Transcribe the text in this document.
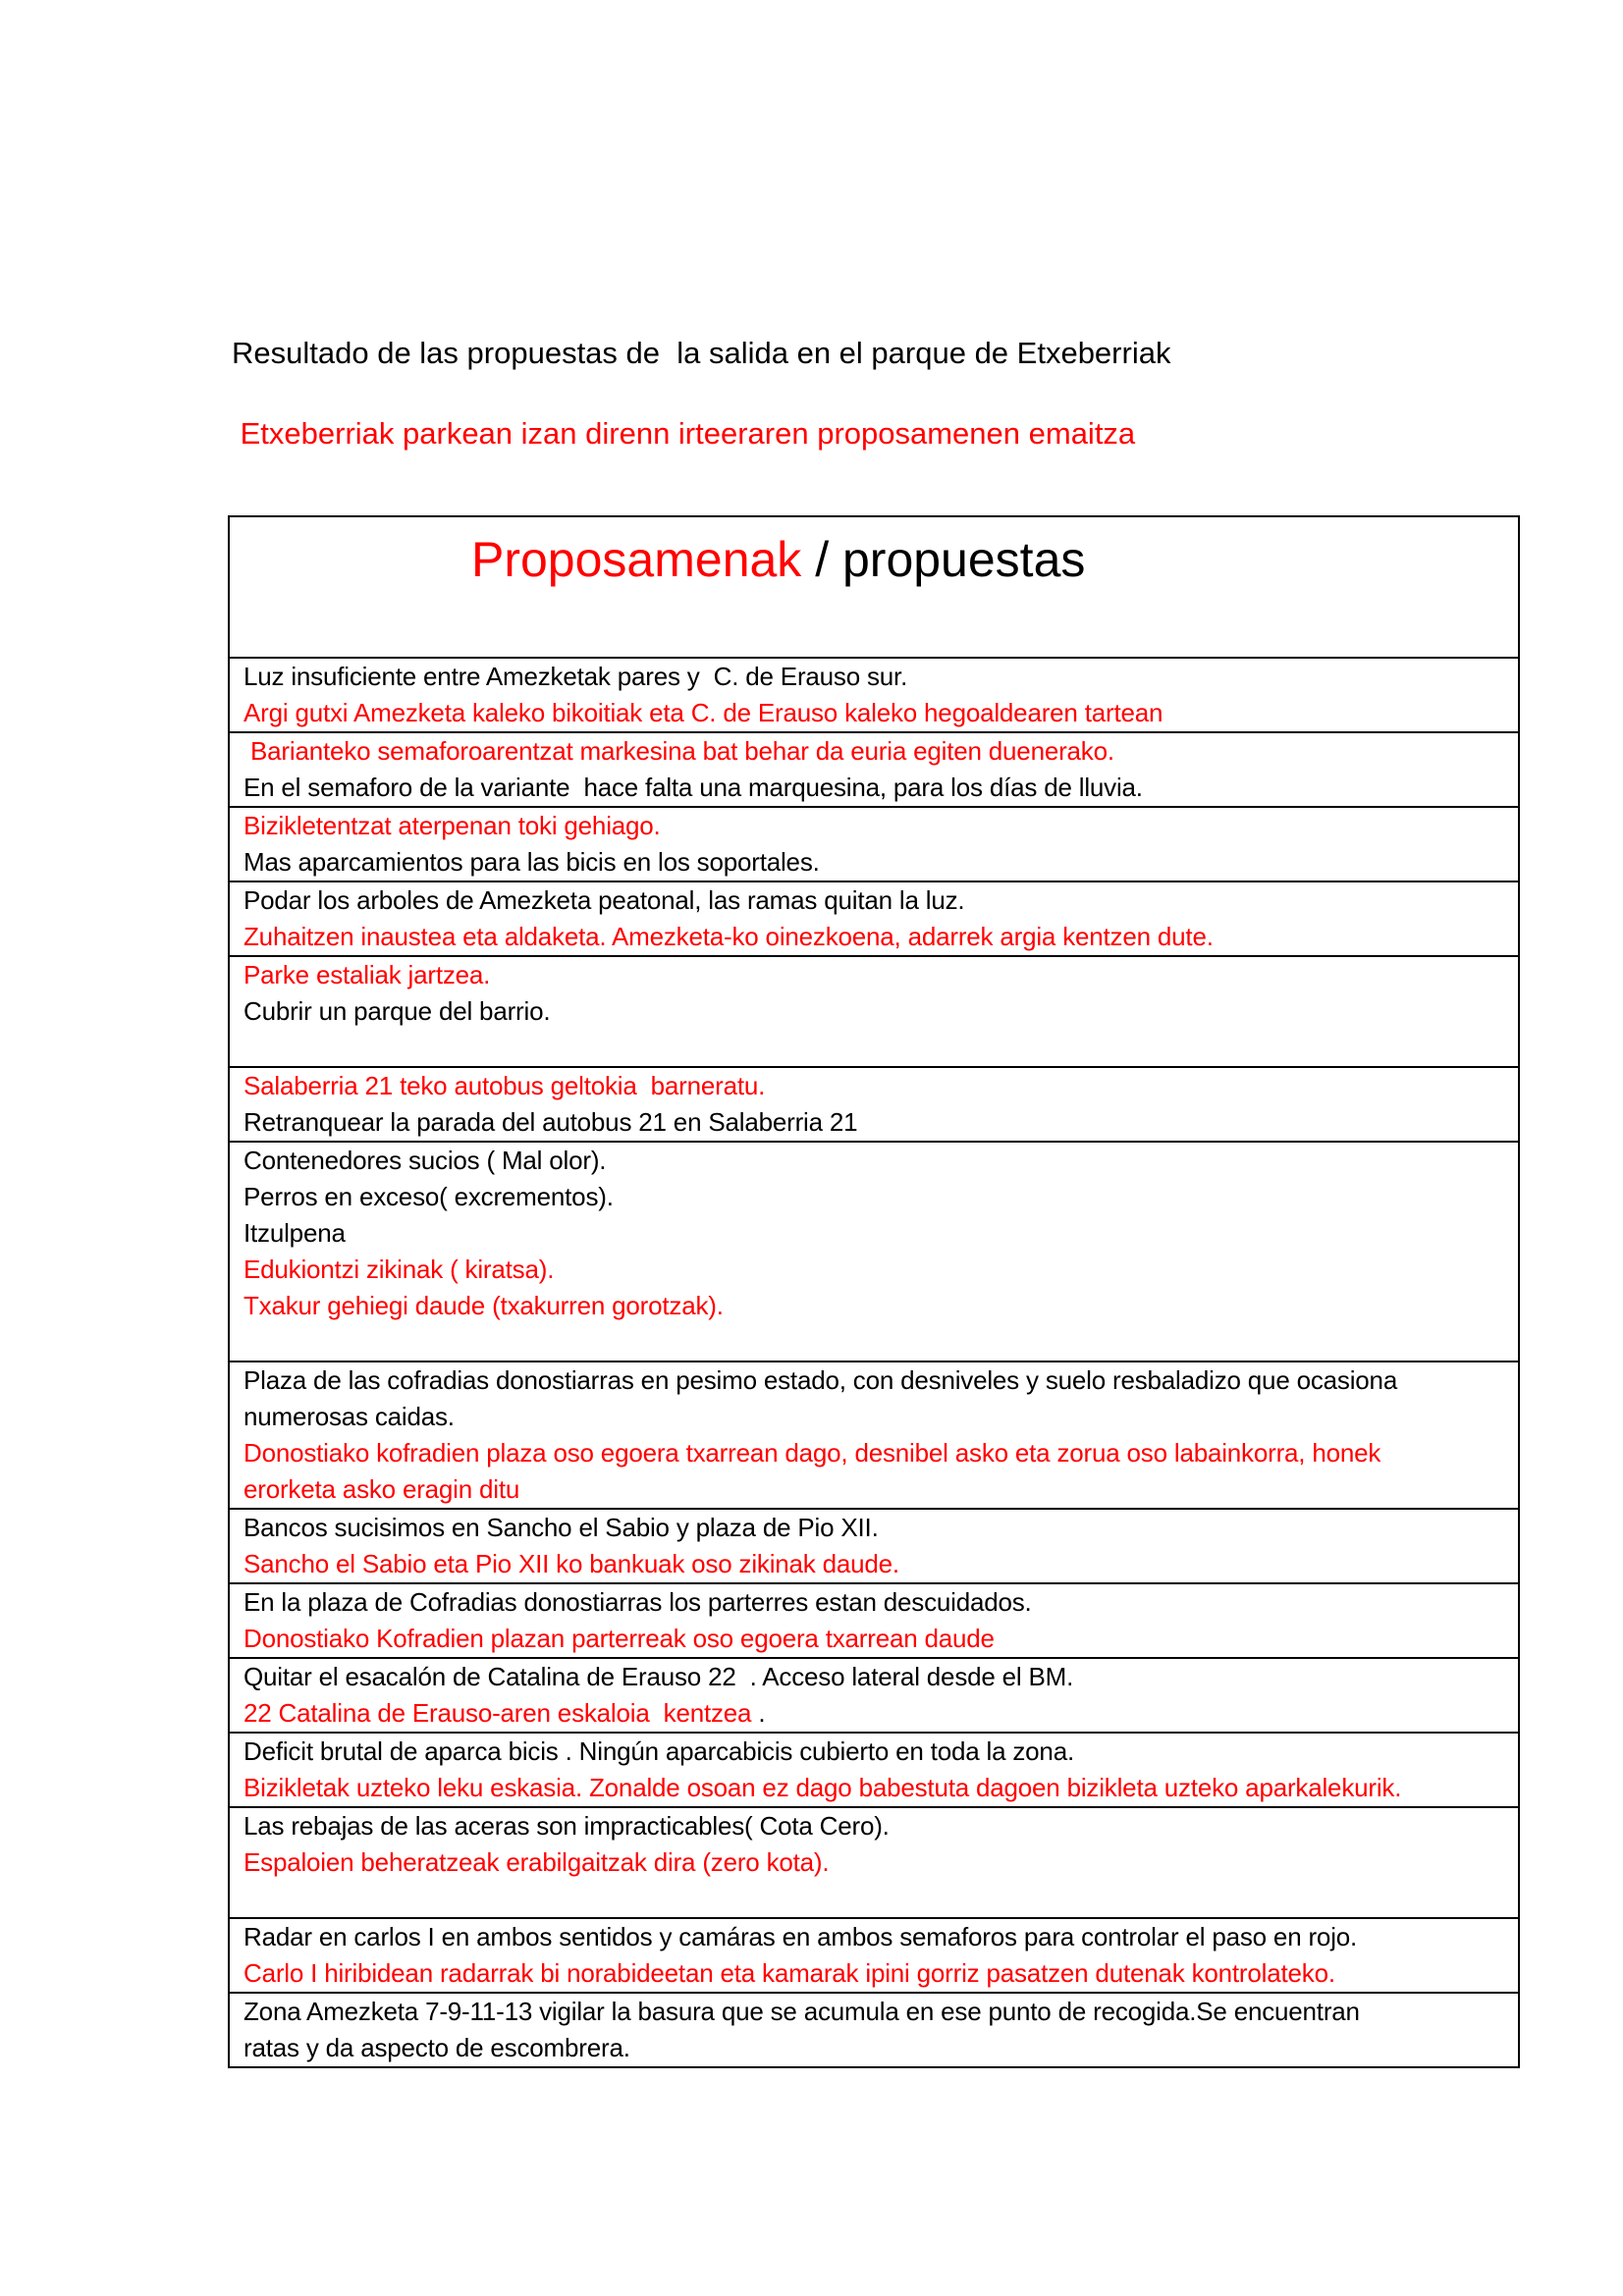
Resultado de las propuestas de  la salida en el parque de Etxeberriak
Etxeberriak parkean izan direnn irteeraren proposamenen emaitza
Proposamenak / propuestas
Luz insuficiente entre Amezketak pares y  C. de Erauso sur.
Argi gutxi Amezketa kaleko bikoitiak eta C. de Erauso kaleko hegoaldearen tartean
Barianteko semaforoarentzat markesina bat behar da euria egiten duenerako.
En el semaforo de la variante  hace falta una marquesina, para los días de lluvia.
Bizikletentzat aterpenan toki gehiago.
Mas aparcamientos para las bicis en los soportales.
Podar los arboles de Amezketa peatonal, las ramas quitan la luz.
Zuhaitzen inaustea eta aldaketa. Amezketa-ko oinezkoena, adarrek argia kentzen dute.
Parke estaliak jartzea.
Cubrir un parque del barrio.
Salaberria 21 teko autobus geltokia  barneratu.
Retranquear la parada del autobus 21 en Salaberria 21
Contenedores sucios ( Mal olor).
Perros en exceso( excrementos).
Itzulpena
Edukiontzi zikinak ( kiratsa).
Txakur gehiegi daude (txakurren gorotzak).
Plaza de las cofradias donostiarras en pesimo estado, con desniveles y suelo resbaladizo que ocasiona
numerosas caidas.
Donostiako kofradien plaza oso egoera txarrean dago, desnibel asko eta zorua oso labainkorra, honek
erorketa asko eragin ditu
Bancos sucisimos en Sancho el Sabio y plaza de Pio XII.
Sancho el Sabio eta Pio XII ko bankuak oso zikinak daude.
En la plaza de Cofradias donostiarras los parterres estan descuidados.
Donostiako Kofradien plazan parterreak oso egoera txarrean daude
Quitar el esacalón de Catalina de Erauso 22  . Acceso lateral desde el BM.
22 Catalina de Erauso-aren eskaloia  kentzea .
Deficit brutal de aparca bicis . Ningún aparcabicis cubierto en toda la zona.
Bizikletak uzteko leku eskasia. Zonalde osoan ez dago babestuta dagoen bizikleta uzteko aparkalekurik.
Las rebajas de las aceras son impracticables( Cota Cero).
Espaloien beheratzeak erabilgaitzak dira (zero kota).
Radar en carlos I en ambos sentidos y camáras en ambos semaforos para controlar el paso en rojo.
Carlo I hiribidean radarrak bi norabideetan eta kamarak ipini gorriz pasatzen dutenak kontrolateko.
Zona Amezketa 7-9-11-13 vigilar la basura que se acumula en ese punto de recogida.Se encuentran
ratas y da aspecto de escombrera.
